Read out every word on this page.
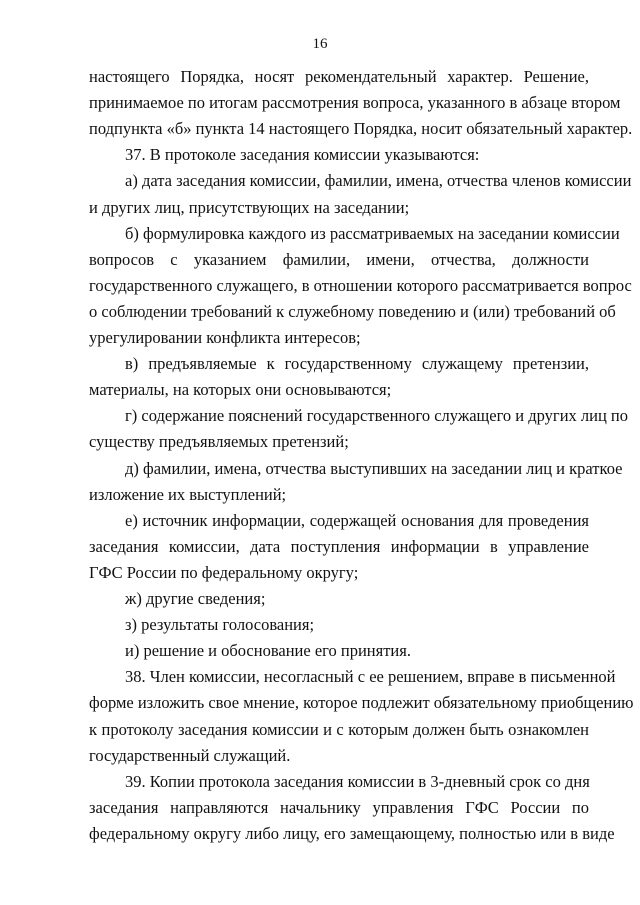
16
настоящего Порядка, носят рекомендательный характер. Решение,
принимаемое по итогам рассмотрения вопроса, указанного в абзаце втором
подпункта «б» пункта 14 настоящего Порядка, носит обязательный характер.
37. В протоколе заседания комиссии указываются:
а) дата заседания комиссии, фамилии, имена, отчества членов комиссии
и других лиц, присутствующих на заседании;
б) формулировка каждого из рассматриваемых на заседании комиссии
вопросов с указанием фамилии, имени, отчества, должности
государственного служащего, в отношении которого рассматривается вопрос
о соблюдении требований к служебному поведению и (или) требований об
урегулировании конфликта интересов;
в) предъявляемые к государственному служащему претензии,
материалы, на которых они основываются;
г) содержание пояснений государственного служащего и других лиц по
существу предъявляемых претензий;
д) фамилии, имена, отчества выступивших на заседании лиц и краткое
изложение их выступлений;
е) источник информации, содержащей основания для проведения
заседания комиссии, дата поступления информации в управление
ГФС России по федеральному округу;
ж) другие сведения;
з) результаты голосования;
и) решение и обоснование его принятия.
38. Член комиссии, несогласный с ее решением, вправе в письменной
форме изложить свое мнение, которое подлежит обязательному приобщению
к протоколу заседания комиссии и с которым должен быть ознакомлен
государственный служащий.
39. Копии протокола заседания комиссии в 3-дневный срок со дня
заседания направляются начальнику управления ГФС России по
федеральному округу либо лицу, его замещающему, полностью или в виде
